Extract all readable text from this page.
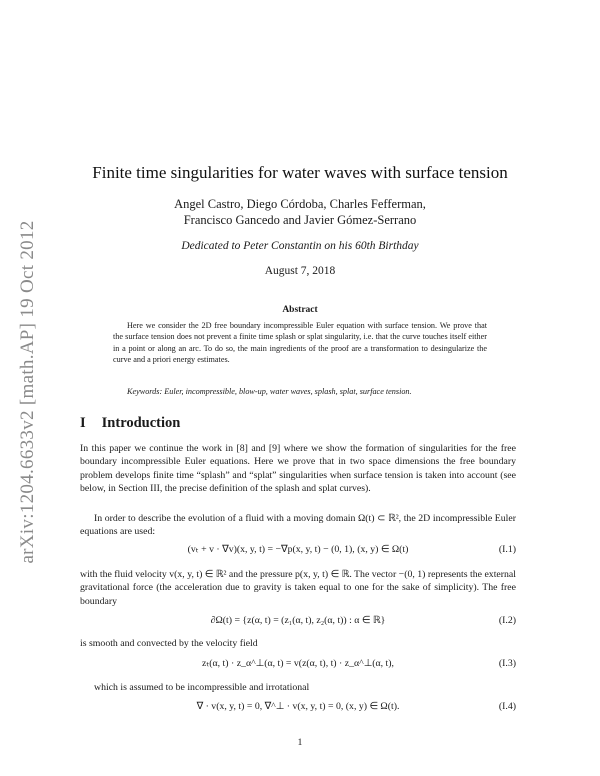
arXiv:1204.6633v2 [math.AP] 19 Oct 2012
Finite time singularities for water waves with surface tension
Angel Castro, Diego Córdoba, Charles Fefferman,
Francisco Gancedo and Javier Gómez-Serrano
Dedicated to Peter Constantin on his 60th Birthday
August 7, 2018
Abstract
Here we consider the 2D free boundary incompressible Euler equation with surface tension. We prove that the surface tension does not prevent a finite time splash or splat singularity, i.e. that the curve touches itself either in a point or along an arc. To do so, the main ingredients of the proof are a transformation to desingularize the curve and a priori energy estimates.
Keywords: Euler, incompressible, blow-up, water waves, splash, splat, surface tension.
I Introduction
In this paper we continue the work in [8] and [9] where we show the formation of singularities for the free boundary incompressible Euler equations. Here we prove that in two space dimensions the free boundary problem develops finite time “splash” and “splat” singularities when surface tension is taken into account (see below, in Section III, the precise definition of the splash and splat curves).
In order to describe the evolution of a fluid with a moving domain Ω(t) ⊂ ℝ², the 2D incompressible Euler equations are used:
(vₜ + v · ∇v)(x, y, t) = −∇p(x, y, t) − (0, 1), (x, y) ∈ Ω(t)	(I.1)
with the fluid velocity v(x, y, t) ∈ ℝ² and the pressure p(x, y, t) ∈ ℝ. The vector −(0, 1) represents the external gravitational force (the acceleration due to gravity is taken equal to one for the sake of simplicity). The free boundary
∂Ω(t) = {z(α, t) = (z₁(α, t), z₂(α, t)) : α ∈ ℝ}	(I.2)
is smooth and convected by the velocity field
zₜ(α, t) · z_α^⊥(α, t) = v(z(α, t), t) · z_α^⊥(α, t),	(I.3)
which is assumed to be incompressible and irrotational
∇ · v(x, y, t) = 0, ∇^⊥ · v(x, y, t) = 0, (x, y) ∈ Ω(t).	(I.4)
1
